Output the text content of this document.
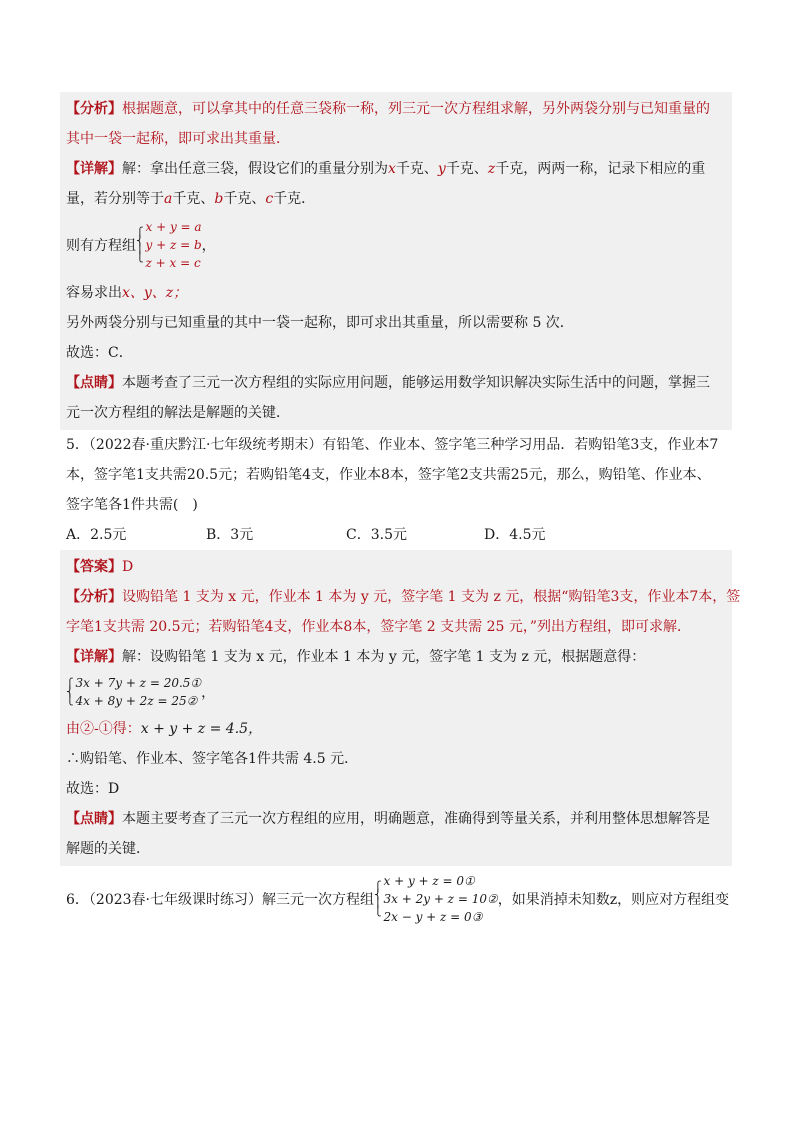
【分析】根据题意，可以拿其中的任意三袋称一称，列三元一次方程组求解，另外两袋分别与已知重量的

其中一袋一起称，即可求出其重量．

【详解】解：拿出任意三袋，假设它们的重量分别为x千克、y千克、z千克，两两一称，记录下相应的重

量，若分别等于a千克、b千克、c千克．

则有方程组
⎧
⎨
⎪
⎩
x + y = a
y + z = b
z + x = c
，

容易求出x、y、z；

另外两袋分别与已知重量的其中一袋一起称，即可求出其重量，所以需要称 5 次．

故选：C．

【点睛】本题考查了三元一次方程组的实际应用问题，能够运用数学知识解决实际生活中的问题，掌握三

元一次方程组的解法是解题的关键．

5．（2022春·重庆黔江·七年级统考期末）有铅笔、作业本、签字笔三种学习用品．若购铅笔3支，作业本7

本，签字笔1支共需20.5元；若购铅笔4支，作业本8本，签字笔2支共需25元，那么，购铅笔、作业本、

签字笔各1件共需(　)

A．2.5元	B．3元	C．3.5元	D．4.5元

【答案】D

【分析】设购铅笔 1 支为 x 元，作业本 1 本为 y 元，签字笔 1 支为 z 元，根据“购铅笔3支，作业本7本，签

字笔1支共需 20.5元；若购铅笔4支，作业本8本，签字笔 2 支共需 25 元，”列出方程组，即可求解．

【详解】解：设购铅笔 1 支为 x 元，作业本 1 本为 y 元，签字笔 1 支为 z 元，根据题意得：

⎧
⎨
⎩
3x + 7y + z = 20.5①
4x + 8y + 2z = 25② ，

由②-①得：x + y + z = 4.5，

∴购铅笔、作业本、签字笔各1件共需 4.5 元．

故选：D

【点睛】本题主要考查了三元一次方程组的应用，明确题意，准确得到等量关系，并利用整体思想解答是

解题的关键．

6．（2023春·七年级课时练习）解三元一次方程组
⎧
⎨
⎪
⎩
x + y + z = 0①
3x + 2y + z = 10②
2x − y + z = 0③
，如果消掉未知数z，则应对方程组变
